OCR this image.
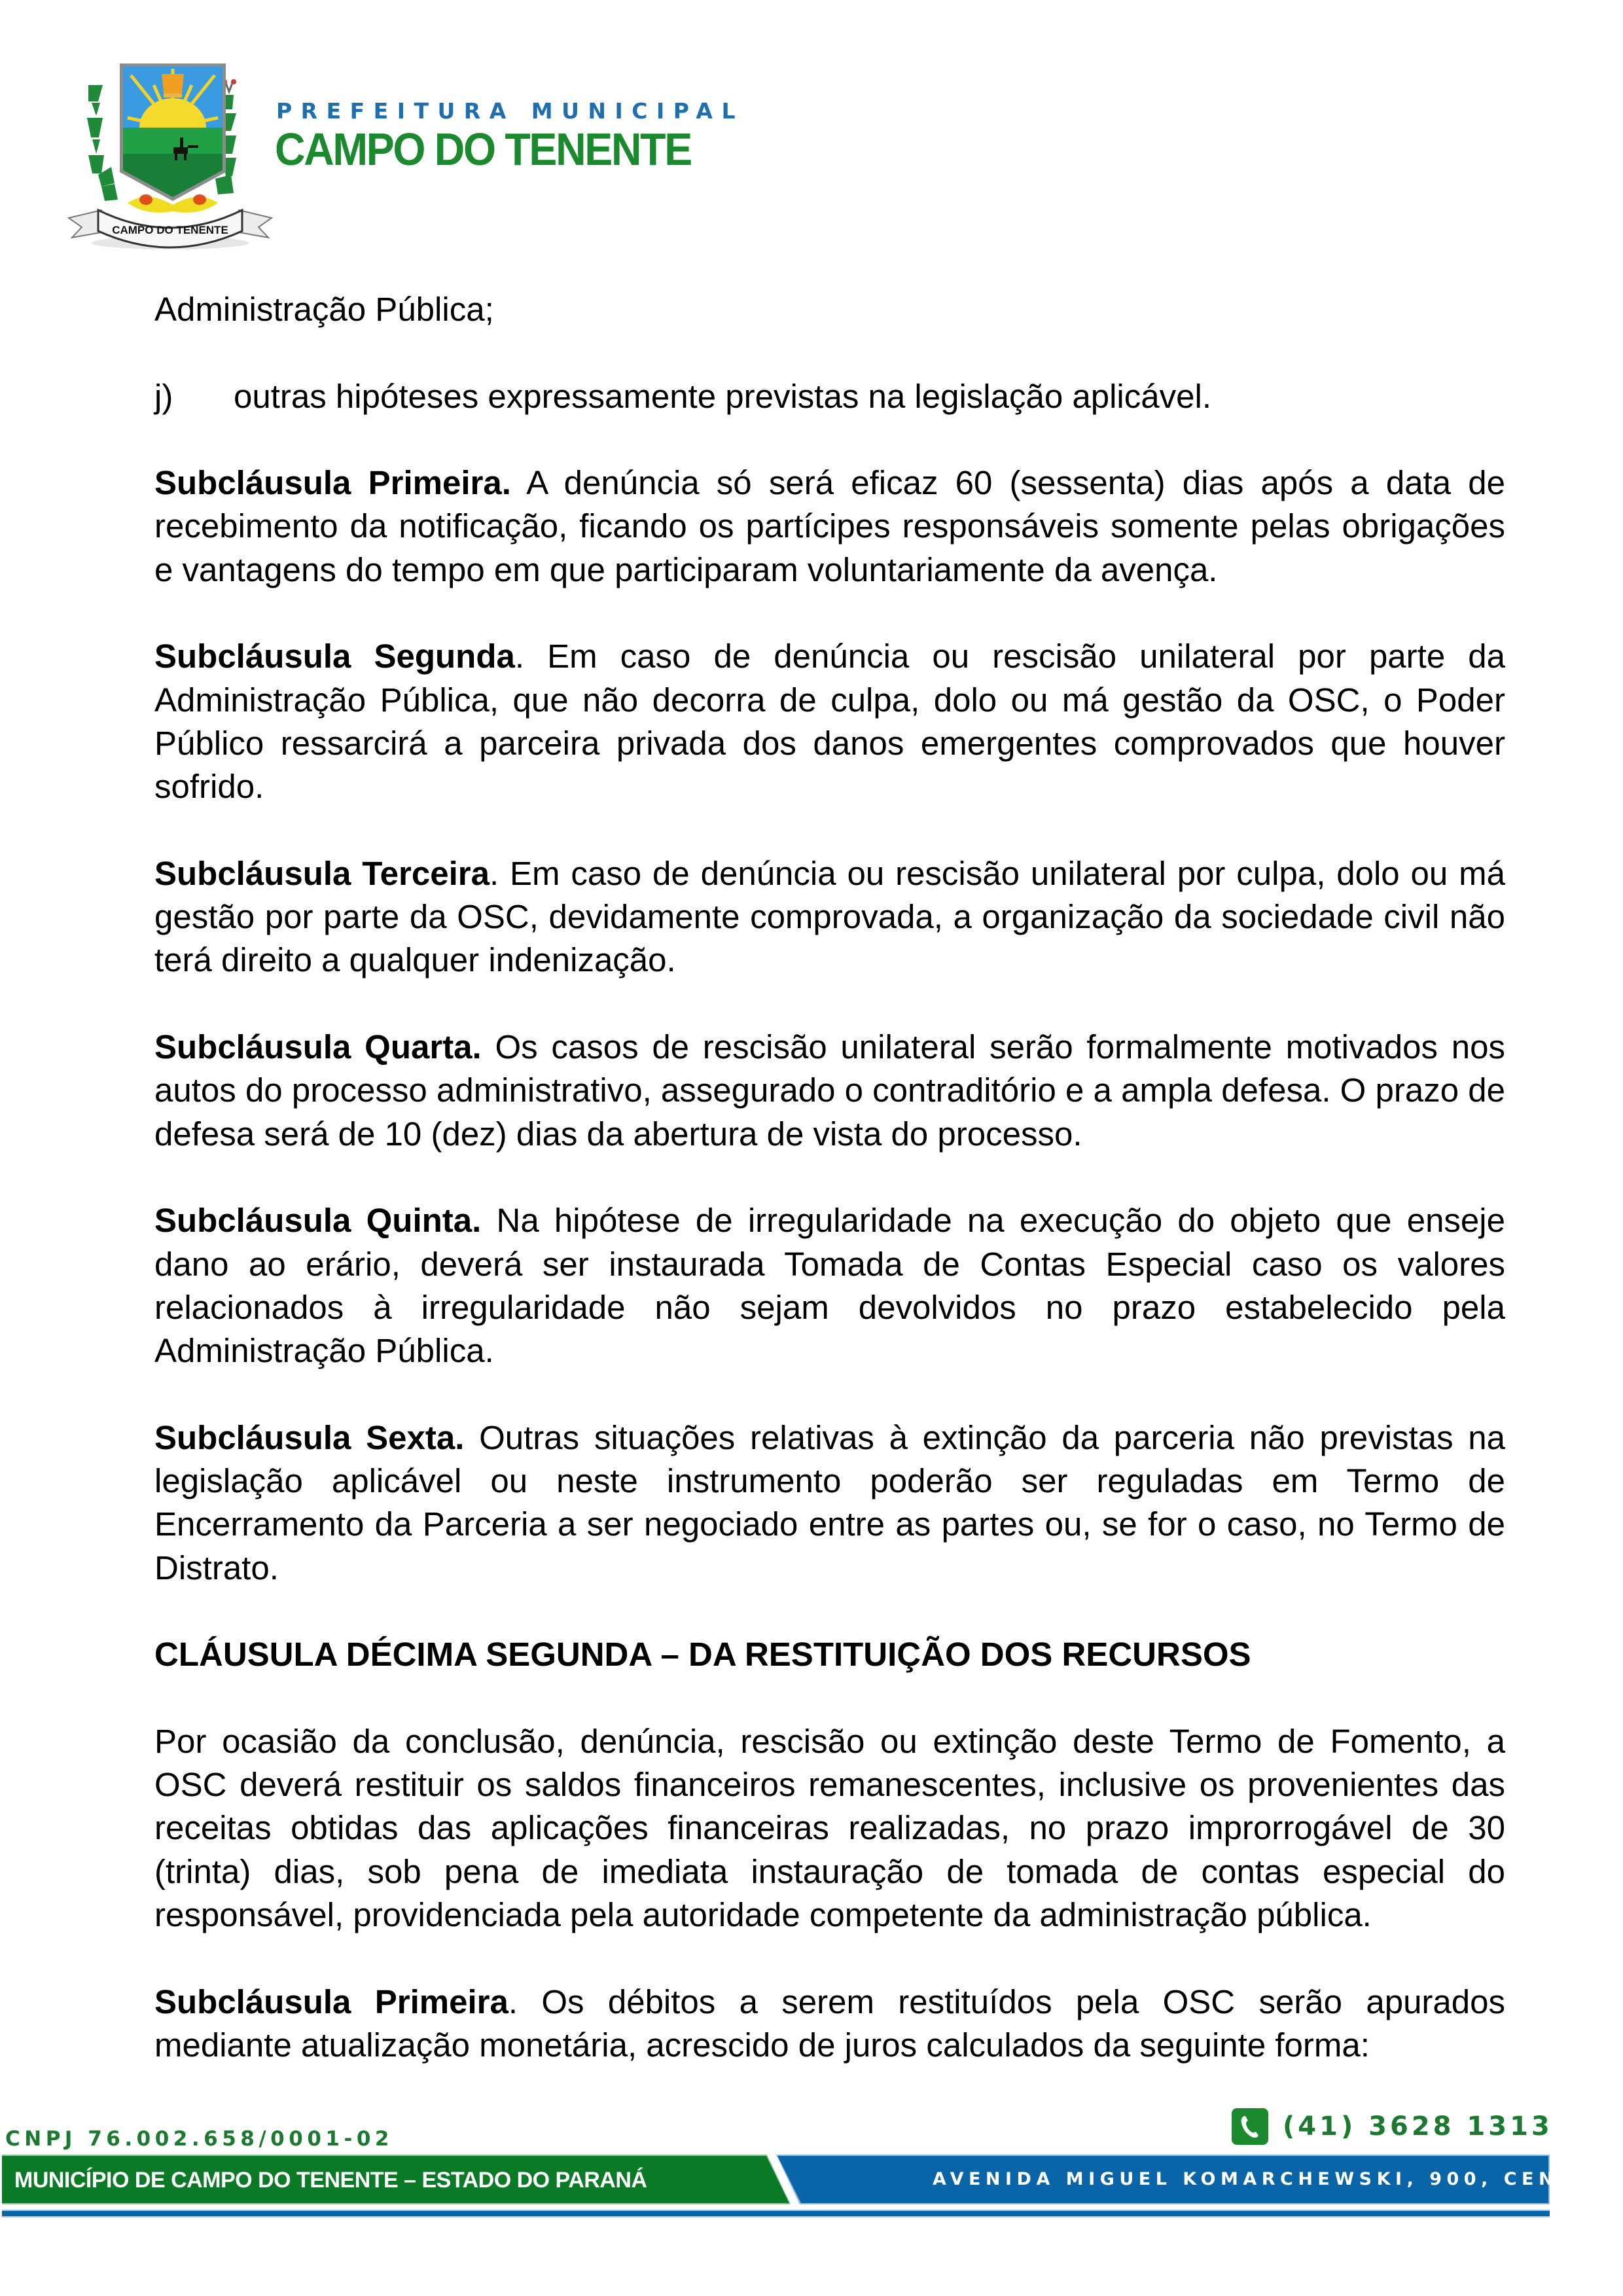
CAMPO DO TENENTE
PREFEITURA MUNICIPAL
CAMPO DO TENENTE

Administração Pública;

j) outras hipóteses expressamente previstas na legislação aplicável.

Subcláusula Primeira. A denúncia só será eficaz 60 (sessenta) dias após a data de recebimento da notificação, ficando os partícipes responsáveis somente pelas obrigações e vantagens do tempo em que participaram voluntariamente da avença.

Subcláusula Segunda. Em caso de denúncia ou rescisão unilateral por parte da Administração Pública, que não decorra de culpa, dolo ou má gestão da OSC, o Poder Público ressarcirá a parceira privada dos danos emergentes comprovados que houver sofrido.

Subcláusula Terceira. Em caso de denúncia ou rescisão unilateral por culpa, dolo ou má gestão por parte da OSC, devidamente comprovada, a organização da sociedade civil não terá direito a qualquer indenização.

Subcláusula Quarta. Os casos de rescisão unilateral serão formalmente motivados nos autos do processo administrativo, assegurado o contraditório e a ampla defesa. O prazo de defesa será de 10 (dez) dias da abertura de vista do processo.

Subcláusula Quinta. Na hipótese de irregularidade na execução do objeto que enseje dano ao erário, deverá ser instaurada Tomada de Contas Especial caso os valores relacionados à irregularidade não sejam devolvidos no prazo estabelecido pela Administração Pública.

Subcláusula Sexta. Outras situações relativas à extinção da parceria não previstas na legislação aplicável ou neste instrumento poderão ser reguladas em Termo de Encerramento da Parceria a ser negociado entre as partes ou, se for o caso, no Termo de Distrato.

CLÁUSULA DÉCIMA SEGUNDA – DA RESTITUIÇÃO DOS RECURSOS

Por ocasião da conclusão, denúncia, rescisão ou extinção deste Termo de Fomento, a OSC deverá restituir os saldos financeiros remanescentes, inclusive os provenientes das receitas obtidas das aplicações financeiras realizadas, no prazo improrrogável de 30 (trinta) dias, sob pena de imediata instauração de tomada de contas especial do responsável, providenciada pela autoridade competente da administração pública.

Subcláusula Primeira. Os débitos a serem restituídos pela OSC serão apurados mediante atualização monetária, acrescido de juros calculados da seguinte forma:

CNPJ 76.002.658/0001-02	(41) 3628 1313
MUNICÍPIO DE CAMPO DO TENENTE – ESTADO DO PARANÁ	AVENIDA MIGUEL KOMARCHEWSKI, 900, CENTRO
